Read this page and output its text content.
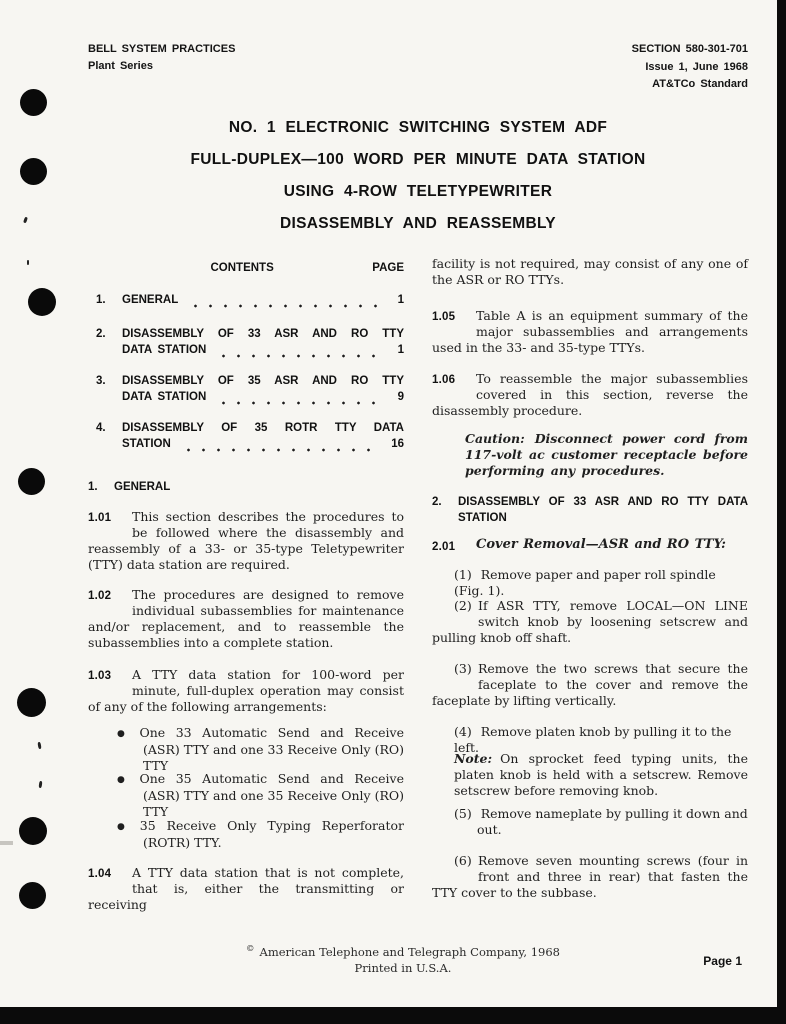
BELL SYSTEM PRACTICES
Plant Series
SECTION 580-301-701
Issue 1, June 1968
AT&TCo Standard
NO. 1 ELECTRONIC SWITCHING SYSTEM ADF
FULL-DUPLEX—100 WORD PER MINUTE DATA STATION
USING 4-ROW TELETYPEWRITER
DISASSEMBLY AND REASSEMBLY
CONTENTS	PAGE
1.	GENERAL	1
2.	DISASSEMBLY OF 33 ASR AND RO TTY
DATA STATION	1
3.	DISASSEMBLY OF 35 ASR AND RO TTY
DATA STATION	9
4.	DISASSEMBLY OF 35 ROTR TTY DATA
STATION	16
1.	GENERAL
1.01 This section describes the procedures to be followed where the disassembly and reassembly of a 33- or 35-type Teletypewriter (TTY) data station are required.
1.02 The procedures are designed to remove individual subassemblies for maintenance and/or replacement, and to reassemble the subassemblies into a complete station.
1.03 A TTY data station for 100-word per minute, full-duplex operation may consist of any of the following arrangements:
● One 33 Automatic Send and Receive (ASR) TTY and one 33 Receive Only (RO) TTY
● One 35 Automatic Send and Receive (ASR) TTY and one 35 Receive Only (RO) TTY
● 35 Receive Only Typing Reperforator (ROTR) TTY.
1.04 A TTY data station that is not complete, that is, either the transmitting or receiving
facility is not required, may consist of any one of the ASR or RO TTYs.
1.05 Table A is an equipment summary of the major subassemblies and arrangements used in the 33- and 35-type TTYs.
1.06 To reassemble the major subassemblies covered in this section, reverse the disassembly procedure.
Caution: Disconnect power cord from 117-volt ac customer receptacle before performing any procedures.
2.	DISASSEMBLY OF 33 ASR AND RO TTY DATA STATION
2.01	Cover Removal—ASR and RO TTY:
(1) Remove paper and paper roll spindle (Fig. 1).
(2) If ASR TTY, remove LOCAL—ON LINE switch knob by loosening setscrew and pulling knob off shaft.
(3) Remove the two screws that secure the faceplate to the cover and remove the faceplate by lifting vertically.
(4) Remove platen knob by pulling it to the left.
Note: On sprocket feed typing units, the platen knob is held with a setscrew. Remove setscrew before removing knob.
(5) Remove nameplate by pulling it down and out.
(6) Remove seven mounting screws (four in front and three in rear) that fasten the TTY cover to the subbase.
© American Telephone and Telegraph Company, 1968
Printed in U.S.A.	Page 1
